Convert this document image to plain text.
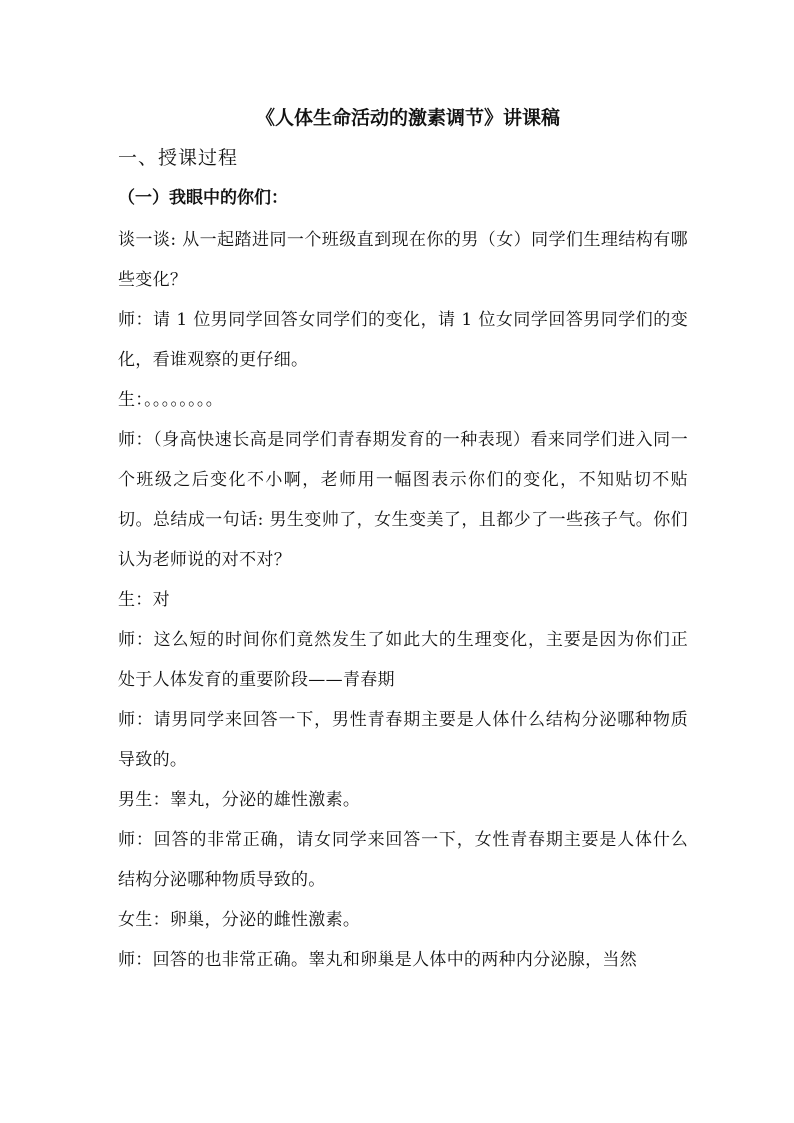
《人体生命活动的激素调节》讲课稿
一、授课过程
（一）我眼中的你们：

谈一谈: 从一起踏进同一个班级直到现在你的男（女）同学们生理结构有哪些变化？

师：请 1 位男同学回答女同学们的变化，请 1 位女同学回答男同学们的变化，看谁观察的更仔细。

生：。。。。。。。。

师：（身高快速长高是同学们青春期发育的一种表现）看来同学们进入同一个班级之后变化不小啊，老师用一幅图表示你们的变化，不知贴切不贴切。总结成一句话: 男生变帅了，女生变美了，且都少了一些孩子气。你们认为老师说的对不对？

生：对

师：这么短的时间你们竟然发生了如此大的生理变化，主要是因为你们正处于人体发育的重要阶段——青春期

师：请男同学来回答一下，男性青春期主要是人体什么结构分泌哪种物质导致的。

男生：睾丸，分泌的雄性激素。

师：回答的非常正确，请女同学来回答一下，女性青春期主要是人体什么结构分泌哪种物质导致的。

女生：卵巢，分泌的雌性激素。

师：回答的也非常正确。睾丸和卵巢是人体中的两种内分泌腺，当然
